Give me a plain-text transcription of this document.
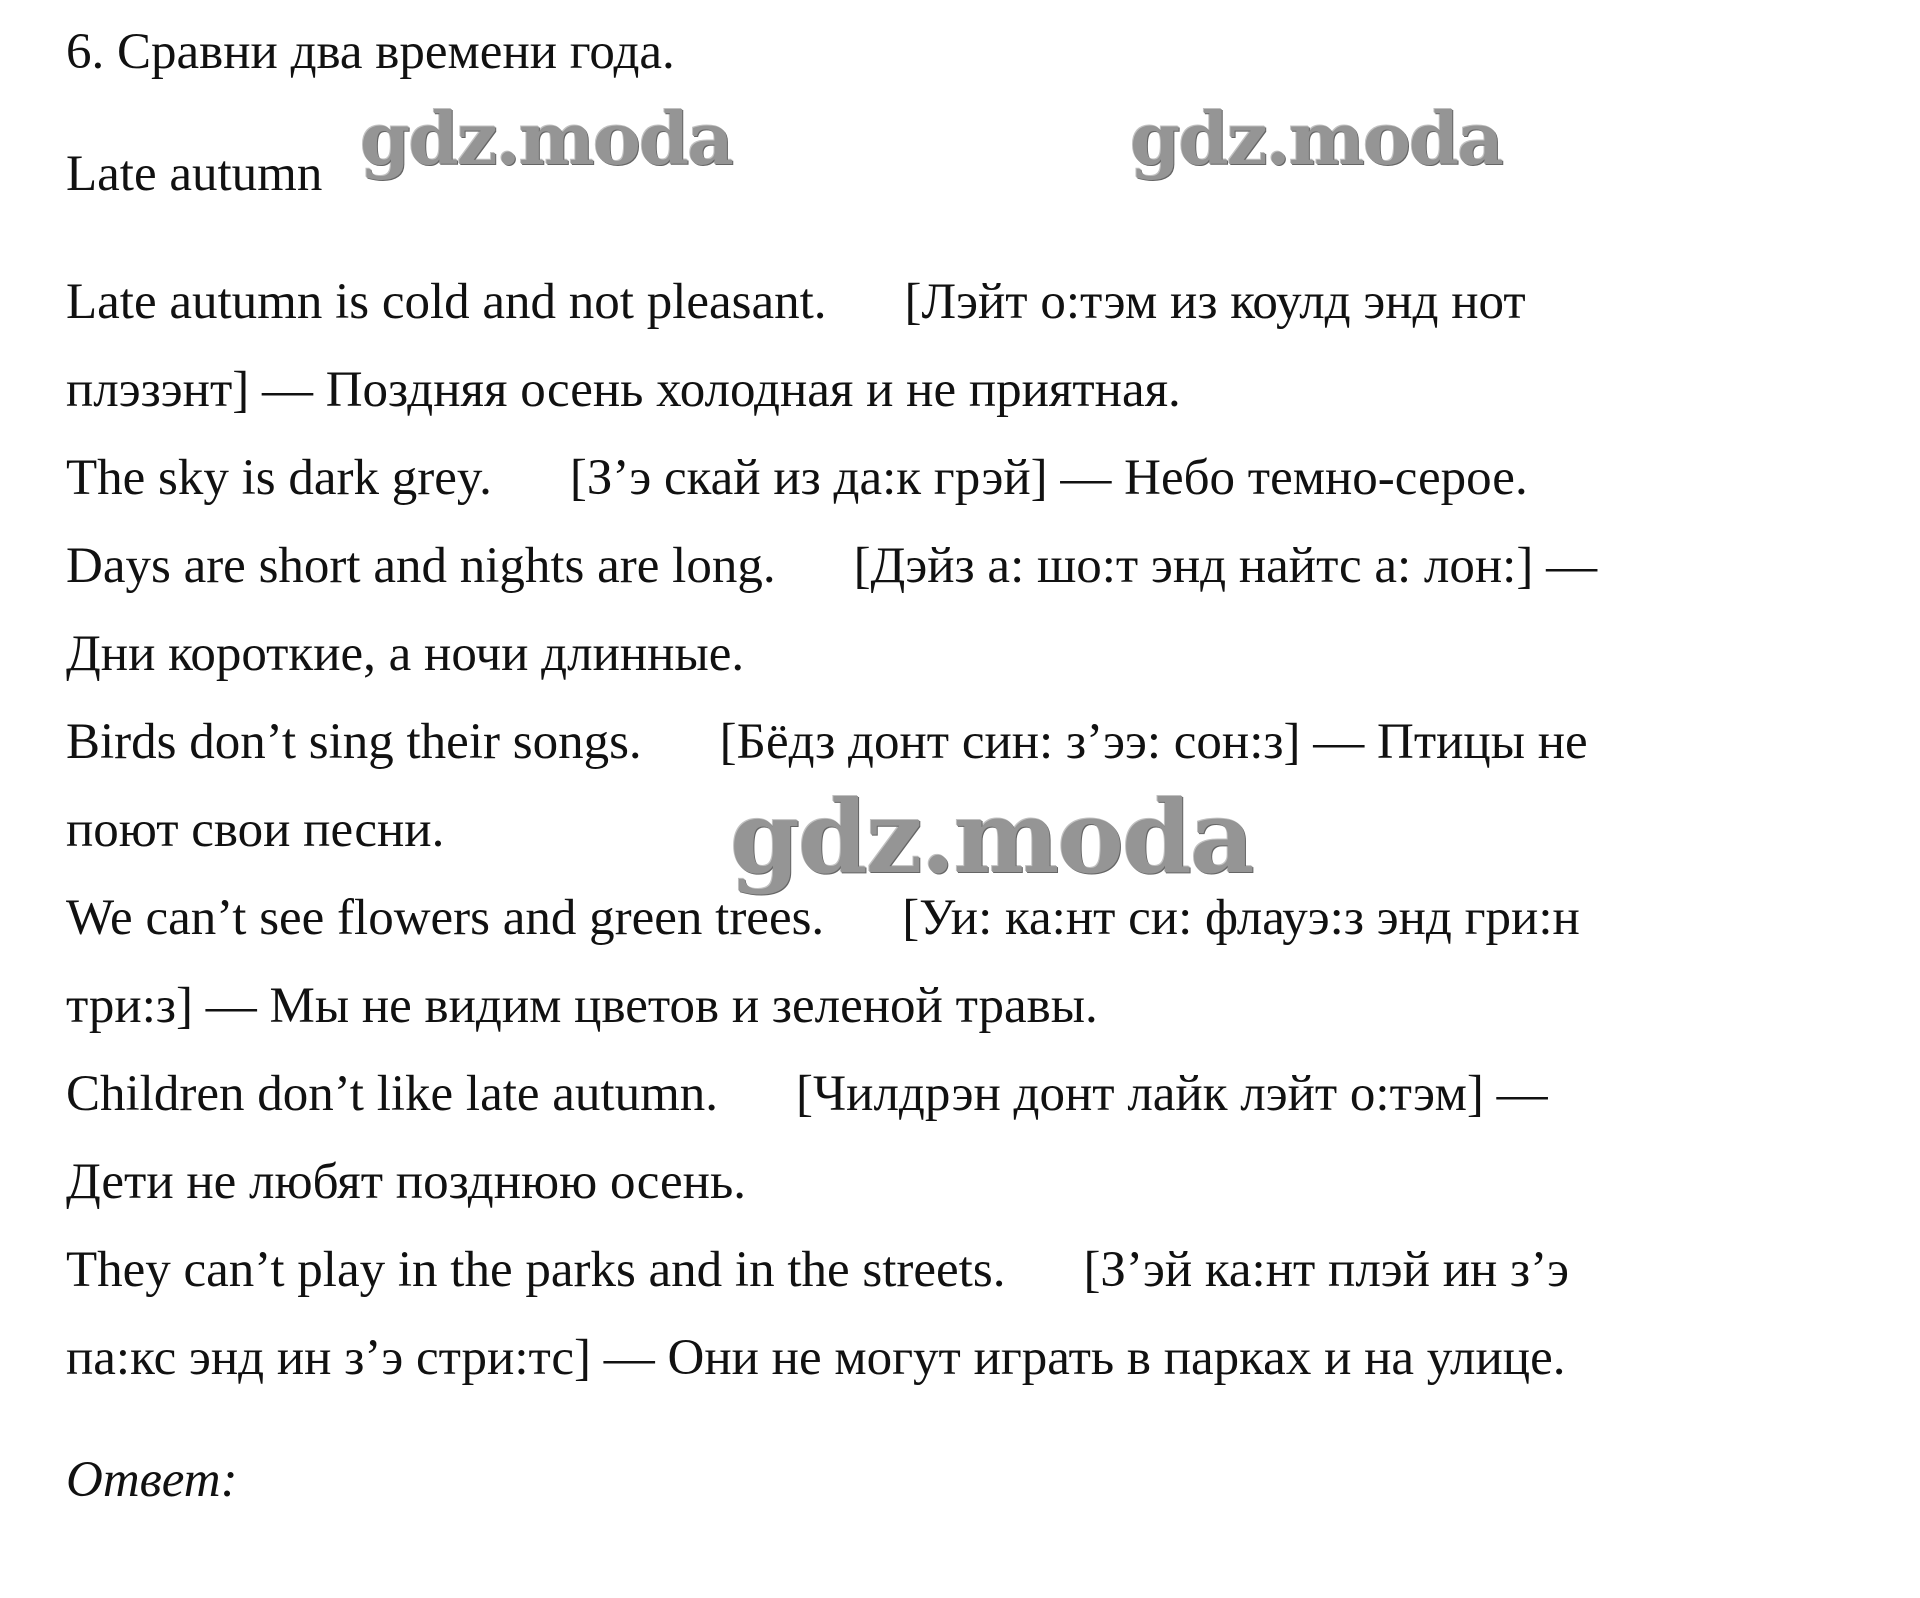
6. Сравни два времени года.
Late autumn
Late autumn is cold and not pleasant. [Лэйт о:тэм из коулд энд нот
плэзэнт] — Поздняя осень холодная и не приятная.
The sky is dark grey. [З’э скай из да:к грэй] — Небо темно-серое.
Days are short and nights are long. [Дэйз а: шо:т энд найтс а: лон:] —
Дни короткие, а ночи длинные.
Birds don’t sing their songs. [Бёдз донт син: з’ээ: сон:з] — Птицы не
поют свои песни.
We can’t see flowers and green trees. [Уи: ка:нт си: флауэ:з энд гри:н
три:з] — Мы не видим цветов и зеленой травы.
Children don’t like late autumn. [Чилдрэн донт лайк лэйт о:тэм] —
Дети не любят позднюю осень.
They can’t play in the parks and in the streets. [З’эй ка:нт плэй ин з’э
па:кс энд ин з’э стри:тс] — Они не могут играть в парках и на улице.
Ответ:
gdz.moda	gdz.moda
gdz.moda
